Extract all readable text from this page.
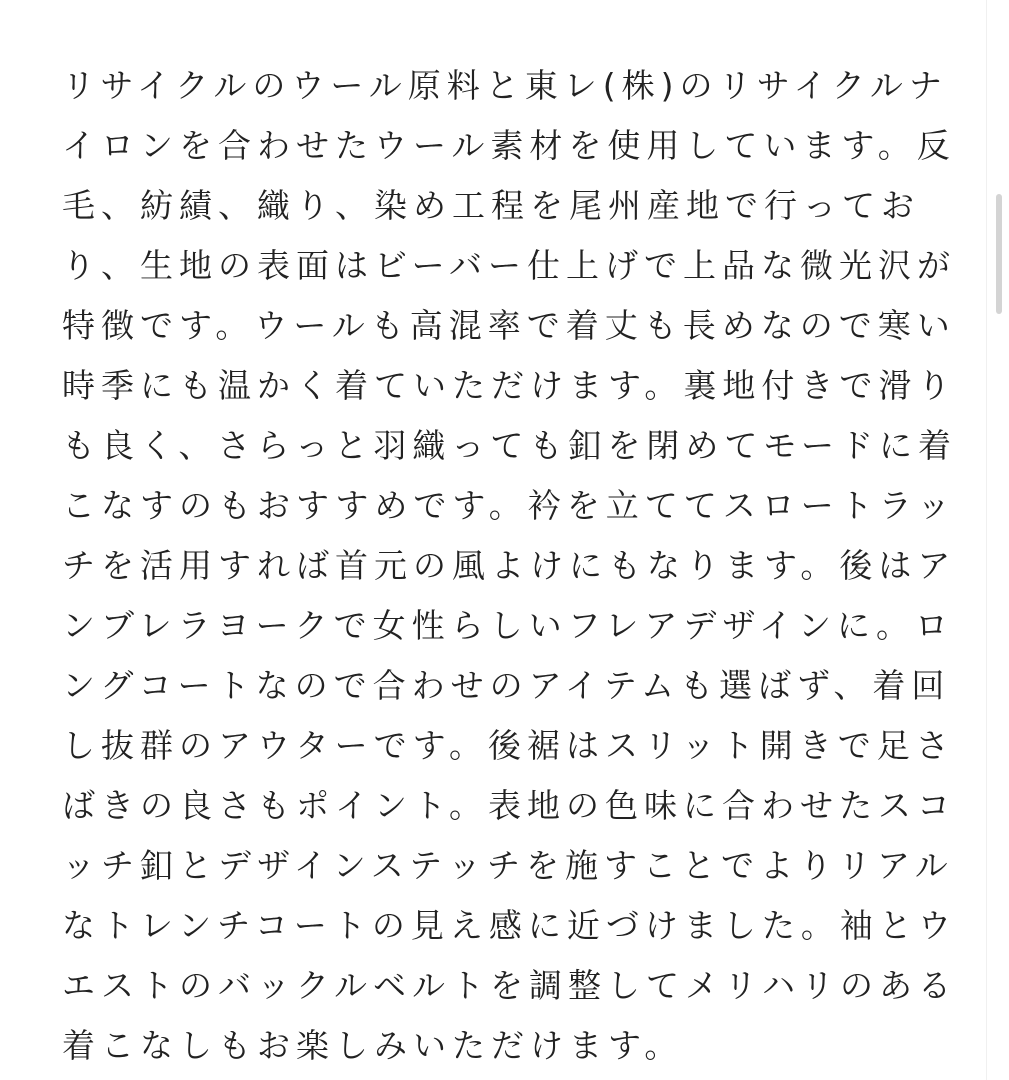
リサイクルのウール原料と東レ(株)のリサイクルナ
イロンを合わせたウール素材を使用しています。反
毛、紡績、織り、染め工程を尾州産地で行ってお
り、生地の表面はビーバー仕上げで上品な微光沢が
特徴です。ウールも高混率で着丈も長めなので寒い
時季にも温かく着ていただけます。裏地付きで滑り
も良く、さらっと羽織っても釦を閉めてモードに着
こなすのもおすすめです。衿を立ててスロートラッ
チを活用すれば首元の風よけにもなります。後はア
ンブレラヨークで女性らしいフレアデザインに。ロ
ングコートなので合わせのアイテムも選ばず、着回
し抜群のアウターです。後裾はスリット開きで足さ
ばきの良さもポイント。表地の色味に合わせたスコ
ッチ釦とデザインステッチを施すことでよりリアル
なトレンチコートの見え感に近づけました。袖とウ
エストのバックルベルトを調整してメリハリのある
着こなしもお楽しみいただけます。
